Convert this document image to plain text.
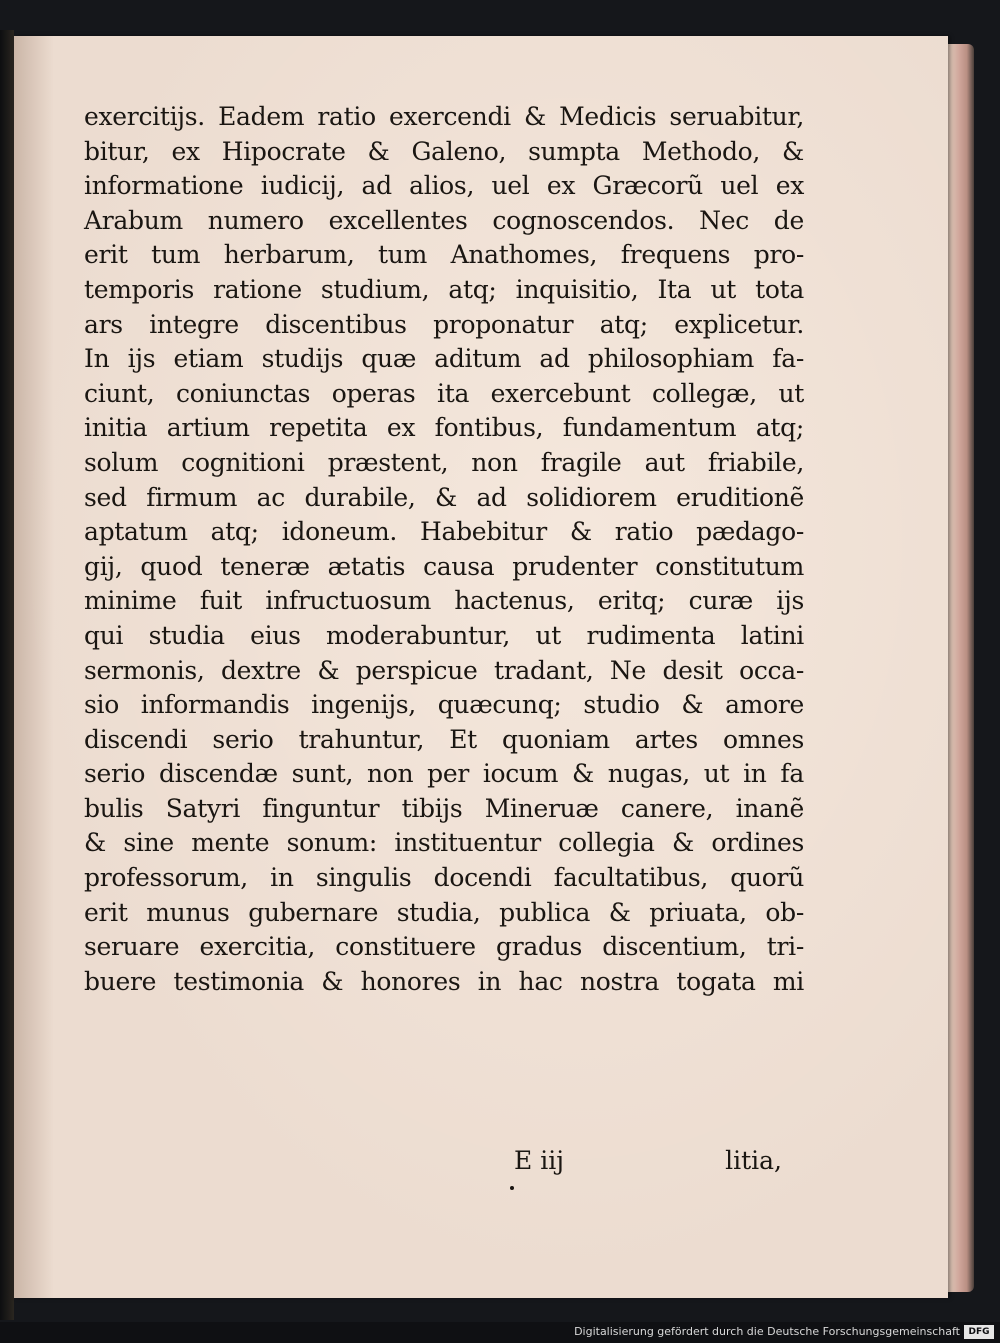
exercitijs. Eadem ratio exercendi & Medicis seruabitur,
bitur, ex Hipocrate & Galeno, sumpta Methodo, &
informatione iudicij, ad alios, uel ex Græcorũ uel ex
Arabum numero excellentes cognoscendos. Nec de
erit tum herbarum, tum Anathomes, frequens pro-
temporis ratione studium, atq; inquisitio, Ita ut tota
ars integre discentibus proponatur atq; explicetur.
In ijs etiam studijs quæ aditum ad philosophiam fa-
ciunt, coniunctas operas ita exercebunt collegæ, ut
initia artium repetita ex fontibus, fundamentum atq;
solum cognitioni præstent, non fragile aut friabile,
sed firmum ac durabile, & ad solidiorem eruditionẽ
aptatum atq; idoneum. Habebitur & ratio pædago-
gij, quod teneræ ætatis causa prudenter constitutum
minime fuit infructuosum hactenus, eritq; curæ ijs
qui studia eius moderabuntur, ut rudimenta latini
sermonis, dextre & perspicue tradant, Ne desit occa-
sio informandis ingenijs, quæcunq; studio & amore
discendi serio trahuntur, Et quoniam artes omnes
serio discendæ sunt, non per iocum & nugas, ut in fa
bulis Satyri finguntur tibijs Mineruæ canere, inanẽ
& sine mente sonum: instituentur collegia & ordines
professorum, in singulis docendi facultatibus, quorũ
erit munus gubernare studia, publica & priuata, ob-
seruare exercitia, constituere gradus discentium, tri-
buere testimonia & honores in hac nostra togata mi
E iij	litia,
Digitalisierung gefördert durch die Deutsche Forschungsgemeinschaft DFG
